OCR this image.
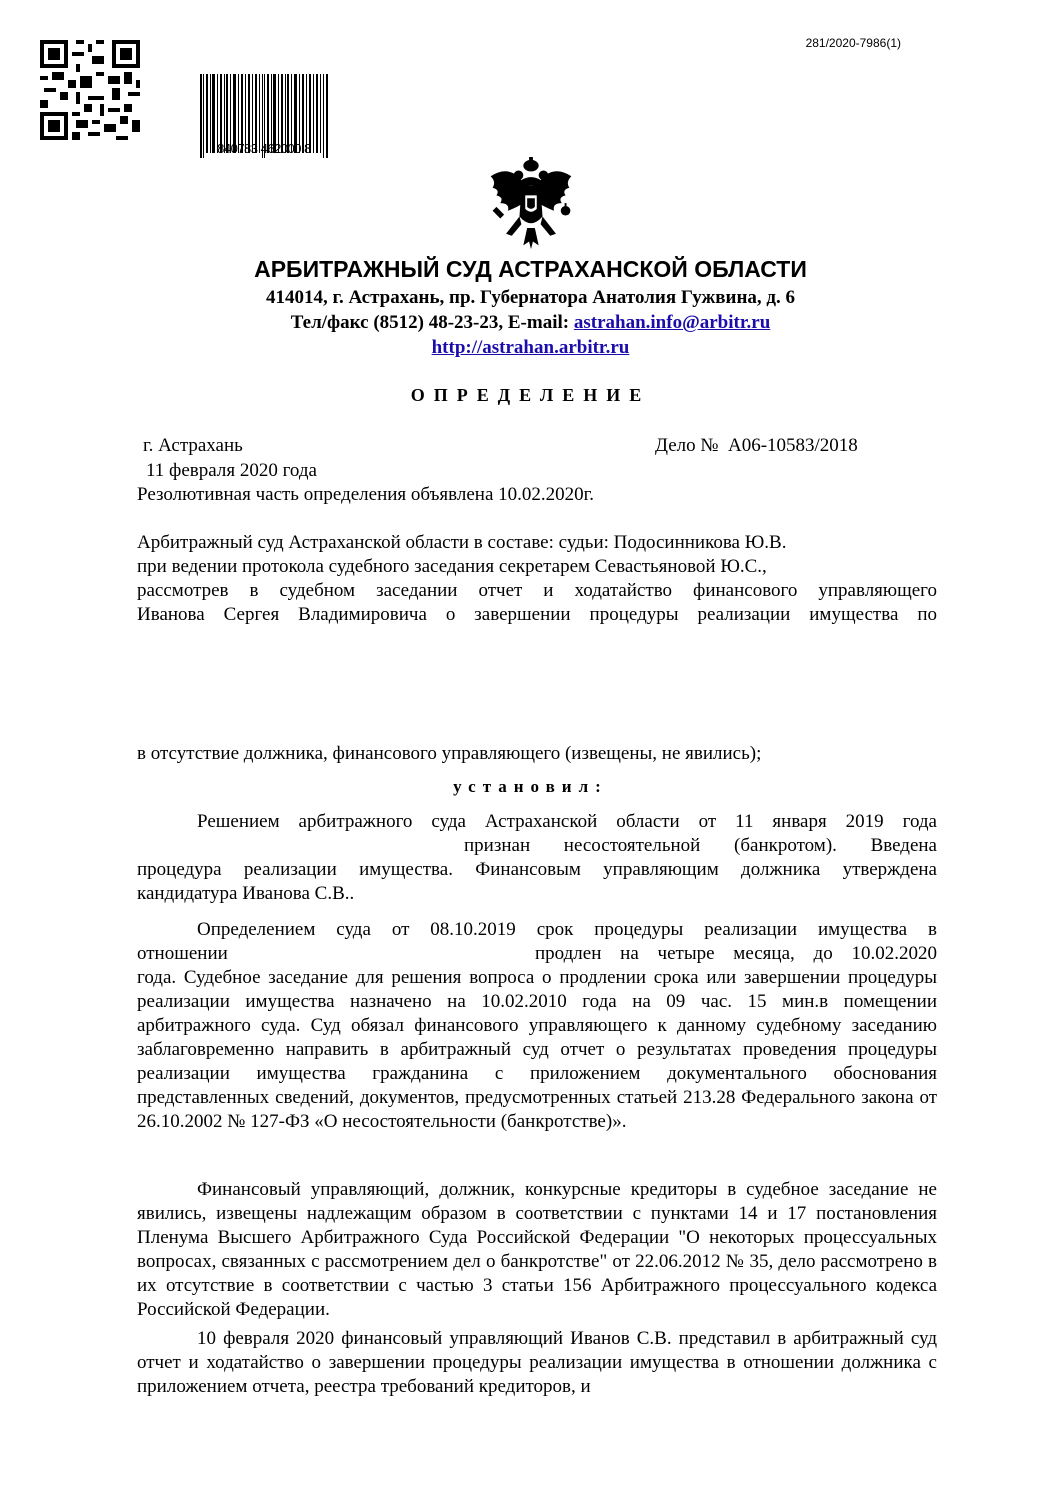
281/2020-7986(1)
840783 462000 8
АРБИТРАЖНЫЙ СУД АСТРАХАНСКОЙ ОБЛАСТИ
414014, г. Астрахань, пр. Губернатора Анатолия Гужвина, д. 6
Тел/факс (8512) 48-23-23, E-mail: astrahan.info@arbitr.ru
http://astrahan.arbitr.ru
ОПРЕДЕЛЕНИЕ
г. Астрахань	Дело №  А06-10583/2018
11 февраля 2020 года
Резолютивная часть определения объявлена 10.02.2020г.
Арбитражный суд Астраханской области в составе: судьи: Подосинникова Ю.В.
при ведении протокола судебного заседания секретарем Севастьяновой Ю.С.,
рассмотрев в судебном заседании отчет и ходатайство финансового управляющего
Иванова Сергея Владимировича о завершении процедуры реализации имущества по
в отсутствие должника, финансового управляющего (извещены, не явились);
установил:
Решением арбитражного суда Астраханской области от 11 января 2019 года
признан несостоятельной (банкротом). Введена
процедура реализации имущества. Финансовым управляющим должника утверждена
кандидатура Иванова С.В..
Определением суда от 08.10.2019 срок процедуры реализации имущества в
отношении	продлен на четыре месяца, до 10.02.2020
года. Судебное заседание для решения вопроса о продлении срока или завершении процедуры реализации имущества назначено на 10.02.2010 года на 09 час. 15 мин.в помещении арбитражного суда. Суд обязал финансового управляющего к данному судебному заседанию заблаговременно направить в арбитражный суд отчет о результатах проведения процедуры реализации имущества гражданина с приложением документального обоснования представленных сведений, документов, предусмотренных статьей 213.28 Федерального закона от 26.10.2002 № 127-ФЗ «О несостоятельности (банкротстве)».
Финансовый управляющий, должник, конкурсные кредиторы в судебное заседание не явились, извещены надлежащим образом в соответствии с пунктами 14 и 17 постановления Пленума Высшего Арбитражного Суда Российской Федерации "О некоторых процессуальных вопросах, связанных с рассмотрением дел о банкротстве" от 22.06.2012 № 35, дело рассмотрено в их отсутствие в соответствии с частью 3 статьи 156 Арбитражного процессуального кодекса Российской Федерации.
10 февраля 2020 финансовый управляющий Иванов С.В. представил в арбитражный суд отчет и ходатайство о завершении процедуры реализации имущества в отношении должника с приложением отчета, реестра требований кредиторов, и
